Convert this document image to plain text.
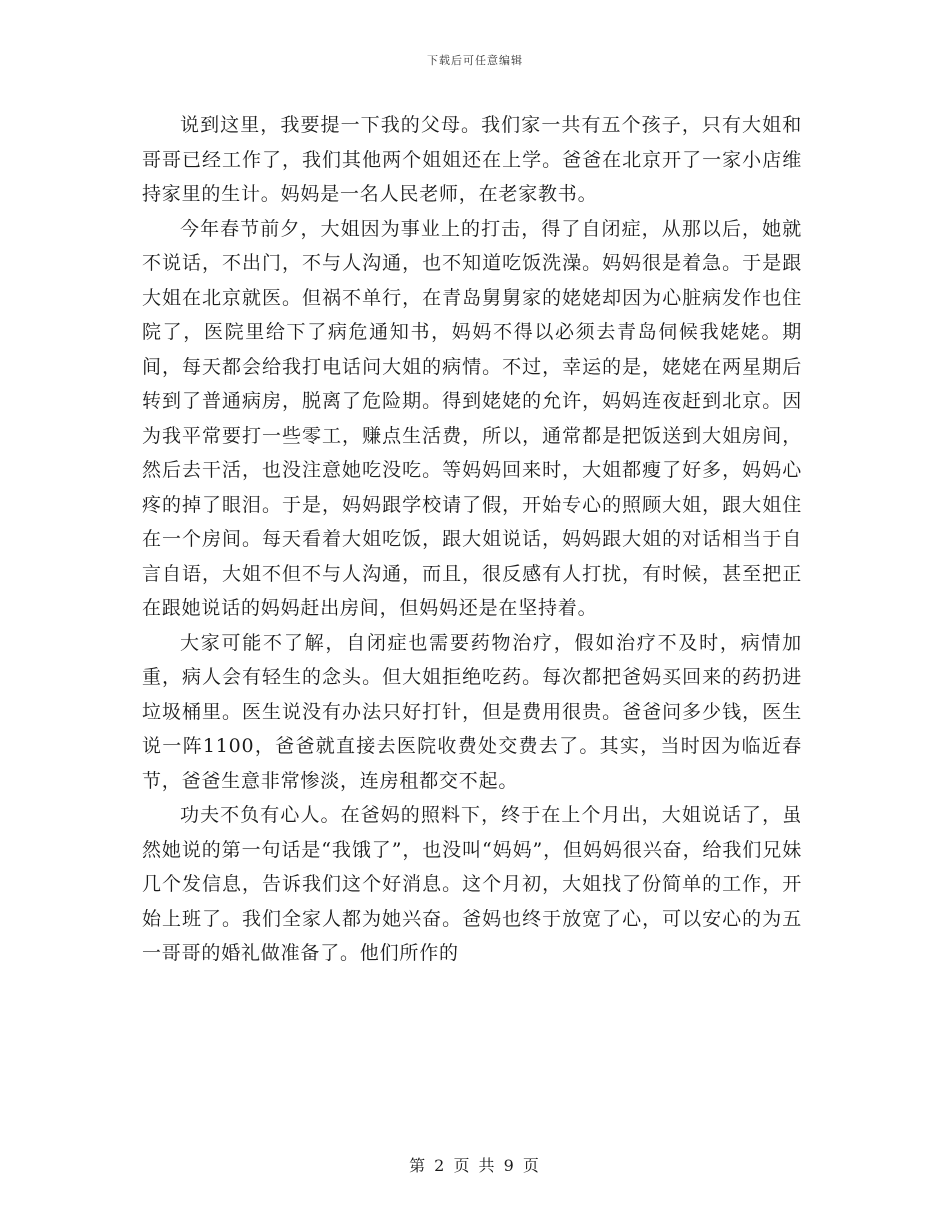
下载后可任意编辑

说到这里，我要提一下我的父母。我们家一共有五个孩子，只有大姐和哥哥已经工作了，我们其他两个姐姐还在上学。爸爸在北京开了一家小店维持家里的生计。妈妈是一名人民老师，在老家教书。

今年春节前夕，大姐因为事业上的打击，得了自闭症，从那以后，她就不说话，不出门，不与人沟通，也不知道吃饭洗澡。妈妈很是着急。于是跟大姐在北京就医。但祸不单行，在青岛舅舅家的姥姥却因为心脏病发作也住院了，医院里给下了病危通知书，妈妈不得以必须去青岛伺候我姥姥。期间，每天都会给我打电话问大姐的病情。不过，幸运的是，姥姥在两星期后转到了普通病房，脱离了危险期。得到姥姥的允许，妈妈连夜赶到北京。因为我平常要打一些零工，赚点生活费，所以，通常都是把饭送到大姐房间，然后去干活，也没注意她吃没吃。等妈妈回来时，大姐都瘦了好多，妈妈心疼的掉了眼泪。于是，妈妈跟学校请了假，开始专心的照顾大姐，跟大姐住在一个房间。每天看着大姐吃饭，跟大姐说话，妈妈跟大姐的对话相当于自言自语，大姐不但不与人沟通，而且，很反感有人打扰，有时候，甚至把正在跟她说话的妈妈赶出房间，但妈妈还是在坚持着。

大家可能不了解，自闭症也需要药物治疗，假如治疗不及时，病情加重，病人会有轻生的念头。但大姐拒绝吃药。每次都把爸妈买回来的药扔进垃圾桶里。医生说没有办法只好打针，但是费用很贵。爸爸问多少钱，医生说一阵1100，爸爸就直接去医院收费处交费去了。其实，当时因为临近春节，爸爸生意非常惨淡，连房租都交不起。

功夫不负有心人。在爸妈的照料下，终于在上个月出，大姐说话了，虽然她说的第一句话是“我饿了”，也没叫“妈妈”，但妈妈很兴奋，给我们兄妹几个发信息，告诉我们这个好消息。这个月初，大姐找了份简单的工作，开始上班了。我们全家人都为她兴奋。爸妈也终于放宽了心，可以安心的为五一哥哥的婚礼做准备了。他们所作的

第 2 页 共 9 页
